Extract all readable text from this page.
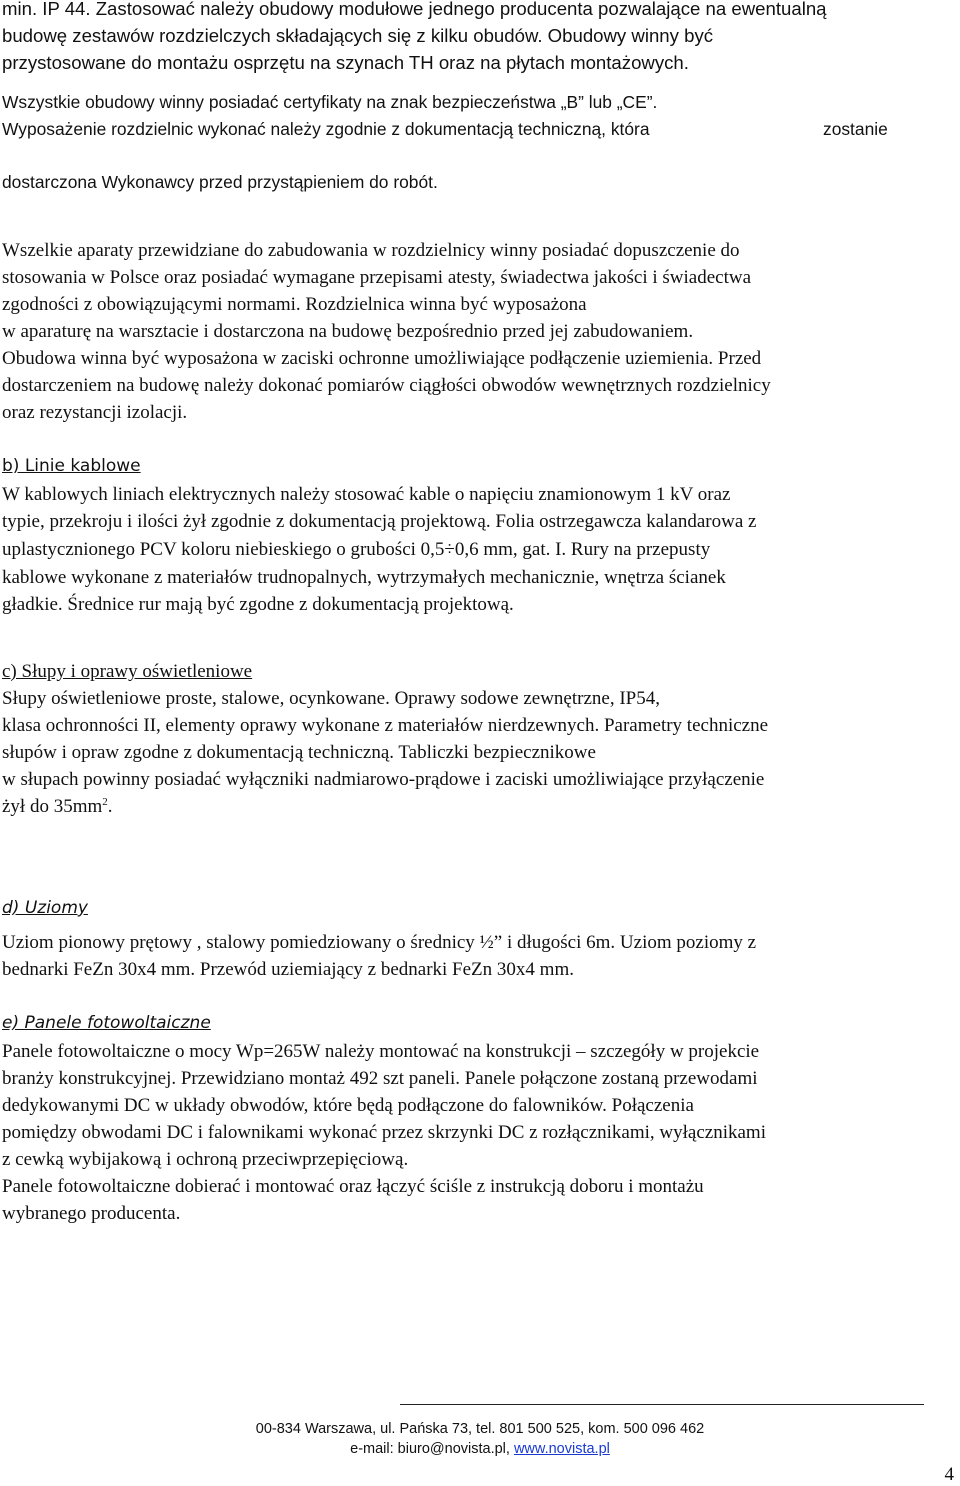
min. IP 44. Zastosować należy obudowy modułowe jednego producenta pozwalające na ewentualną
budowę zestawów rozdzielczych składających się z kilku obudów. Obudowy winny być
przystosowane do montażu osprzętu na szynach TH oraz na płytach montażowych.
Wszystkie obudowy winny posiadać certyfikaty na znak bezpieczeństwa „B” lub „CE”.
Wyposażenie rozdzielnic wykonać należy zgodnie z dokumentacją techniczną, która	zostanie
dostarczona Wykonawcy przed przystąpieniem do robót.
Wszelkie aparaty przewidziane do zabudowania w rozdzielnicy winny posiadać dopuszczenie do
stosowania w Polsce oraz posiadać wymagane przepisami atesty, świadectwa jakości i świadectwa
zgodności z obowiązującymi normami. Rozdzielnica winna być wyposażona
w aparaturę na warsztacie i dostarczona na budowę bezpośrednio przed jej zabudowaniem.
Obudowa winna być wyposażona w zaciski ochronne umożliwiające podłączenie uziemienia. Przed
dostarczeniem na budowę należy dokonać pomiarów ciągłości obwodów wewnętrznych rozdzielnicy
oraz rezystancji izolacji.
b) Linie kablowe
W kablowych liniach elektrycznych należy stosować kable o napięciu znamionowym 1 kV oraz
typie, przekroju i ilości żył zgodnie z dokumentacją projektową. Folia ostrzegawcza kalandarowa z
uplastycznionego PCV koloru niebieskiego o grubości 0,5÷0,6 mm, gat. I. Rury na przepusty
kablowe wykonane z materiałów trudnopalnych, wytrzymałych mechanicznie, wnętrza ścianek
gładkie. Średnice rur mają być zgodne z dokumentacją projektową.
c) Słupy i oprawy oświetleniowe
Słupy oświetleniowe proste, stalowe, ocynkowane. Oprawy sodowe zewnętrzne, IP54,
klasa ochronności II, elementy oprawy wykonane z materiałów nierdzewnych. Parametry techniczne
słupów i opraw zgodne z dokumentacją techniczną. Tabliczki bezpiecznikowe
w słupach powinny posiadać wyłączniki nadmiarowo-prądowe i zaciski umożliwiające przyłączenie
żył do $35mm^2$.
d) Uziomy
Uziom pionowy prętowy , stalowy pomiedziowany o średnicy ½” i długości 6m. Uziom poziomy z
bednarki FeZn 30x4 mm. Przewód uziemiający z bednarki FeZn 30x4 mm.
e) Panele fotowoltaiczne
Panele fotowoltaiczne o mocy Wp=265W należy montować na konstrukcji – szczegóły w projekcie
branży konstrukcyjnej. Przewidziano montaż 492 szt paneli. Panele połączone zostaną przewodami
dedykowanymi DC w układy obwodów, które będą podłączone do falowników. Połączenia
pomiędzy obwodami DC i falownikami wykonać przez skrzynki DC z rozłącznikami, wyłącznikami
z cewką wybijakową i ochroną przeciwprzepięciową.
Panele fotowoltaiczne dobierać i montować oraz łączyć ściśle z instrukcją doboru i montażu
wybranego producenta.
00-834 Warszawa, ul. Pańska 73, tel. 801 500 525, kom. 500 096 462
e-mail: biuro@novista.pl, www.novista.pl
4
